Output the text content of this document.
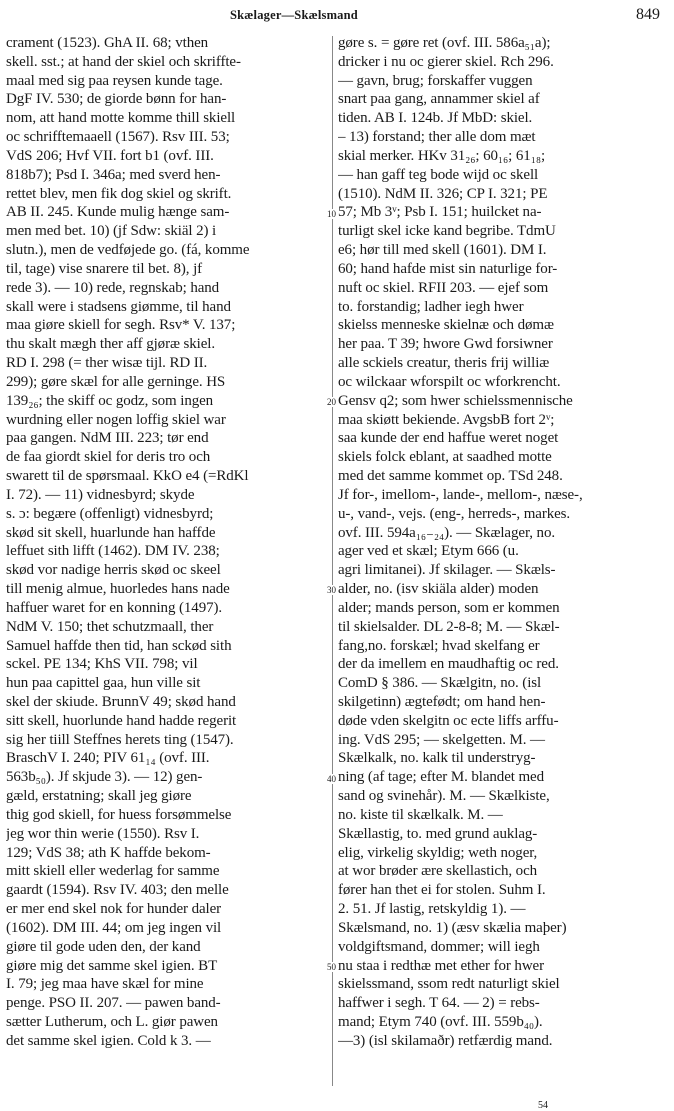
Skælager—Skælsmand	849
crament (1523). GhA II. 68; vthen
skell. sst.; at hand der skiel och skriffte-
maal med sig paa reysen kunde tage.
DgF IV. 530; de giorde bønn for han-
nom, att hand motte komme thill skiell
oc schrifftemaaell (1567). Rsv III. 53;
VdS 206; Hvf VII. fort b1 (ovf. III.
818b7); Psd I. 346a; med sverd hen-
rettet blev, men fik dog skiel og skrift.
AB II. 245. Kunde mulig hænge sam-
men med bet. 10) (jf Sdw: skiäl 2) i
slutn.), men de vedføjede go. (fá, komme
til, tage) vise snarere til bet. 8), jf
rede 3). — 10) rede, regnskab; hand
skall were i stadsens giømme, til hand
maa giøre skiell for segh. Rsv* V. 137;
thu skalt mægh ther aff gjøræ skiel.
RD I. 298 (= ther wisæ tijl. RD II.
299); gøre skæl for alle gerninge. HS
139₂₆; the skiff oc godz, som ingen
wurdning eller nogen loffig skiel war
paa gangen. NdM III. 223; tør end
de faa giordt skiel for deris tro och
swarett til de spørsmaal. KkO e4 (=RdKl
I. 72). — 11) vidnesbyrd; skyde
s. ɔ: begære (offenligt) vidnesbyrd;
skød sit skell, huarlunde han haffde
leffuet sith lifft (1462). DM IV. 238;
skød vor nadige herris skød oc skeel
till menig almue, huorledes hans nade
haffuer waret for en konning (1497).
NdM V. 150; thet schutzmaall, ther
Samuel haffde then tid, han sckød sith
sckel. PE 134; KhS VII. 798; vil
hun paa capittel gaa, hun ville sit
skel der skiude. BrunnV 49; skød hand
sitt skell, huorlunde hand hadde regerit
sig her tiill Steffnes herets ting (1547).
BraschV I. 240; PIV 61₁₄ (ovf. III.
563b₅₀). Jf skjude 3). — 12) gen-
gæld, erstatning; skall jeg giøre
thig god skiell, for huess forsømmelse
jeg wor thin werie (1550). Rsv I.
129; VdS 38; ath K haffde bekom-
mitt skiell eller wederlag for samme
gaardt (1594). Rsv IV. 403; den melle
er mer end skel nok for hunder daler
(1602). DM III. 44; om jeg ingen vil
giøre til gode uden den, der kand
giøre mig det samme skel igien. BT
I. 79; jeg maa have skæl for mine
penge. PSO II. 207. — pawen band-
sætter Lutherum, och L. giør pawen
det samme skel igien. Cold k 3. —
gøre s. = gøre ret (ovf. III. 586a₅₁a);
dricker i nu oc gierer skiel. Rch 296.
— gavn, brug; forskaffer vuggen
snart paa gang, annammer skiel af
tiden. AB I. 124b. Jf MbD: skiel.
– 13) forstand; ther alle dom mæt
skial merker. HKv 31₂₆; 60₁₆; 61₁₈;
— han gaff teg bode wijd oc skell
(1510). NdM II. 326; CP I. 321; PE
57; Mb 3ᵛ; Psb I. 151; huilcket na-
turligt skel icke kand begribe. TdmU
e6; hør till med skell (1601). DM I.
60; hand hafde mist sin naturlige for-
nuft oc skiel. RFII 203. — ejef som
to. forstandig; ladher iegh hwer
skielss menneske skielnæ och dømæ
her paa. T 39; hwore Gwd forsiwner
alle sckiels creatur, theris frij williæ
oc wilckaar wforspilt oc wforkrencht.
Gensv q2; som hwer schielssmennische
maa skiøtt bekiende. AvgsbB fort 2ᵛ;
saa kunde der end haffue weret noget
skiels folck eblant, at saadhed motte
med det samme kommet op. TSd 248.
Jf for-, imellom-, lande-, mellom-, næse-,
u-, vand-, vejs. (eng-, herreds-, markes.
ovf. III. 594a₁₆₋₂₄). — Skælager, no.
ager ved et skæl; Etym 666 (u.
agri limitanei). Jf skilager. — Skæls-
alder, no. (isv skiäla alder) moden
alder; mands person, som er kommen
til skielsalder. DL 2-8-8; M. — Skæl-
fang,no. forskæl; hvad skelfang er
der da imellem en maudhaftig oc red.
ComD § 386. — Skælgitn, no. (isl
skilgetinn) ægtefødt; om hand hen-
døde vden skelgitn oc ecte liffs arffu-
ing. VdS 295; — skelgetten. M. —
Skælkalk, no. kalk til understryg-
ning (af tage; efter M. blandet med
sand og svinehår). M. — Skælkiste,
no. kiste til skælkalk. M. —
Skællastig, to. med grund auklag-
elig, virkelig skyldig; weth noger,
at wor brøder ære skellastich, och
fører han thet ei for stolen. Suhm I.
2. 51. Jf lastig, retskyldig 1). —
Skælsmand, no. 1) (æsv skælia maþer)
voldgiftsmand, dommer; will iegh
nu staa i redthæ met ether for hwer
skielssmand, ssom redt naturligt skiel
haffwer i segh. T 64. — 2) = rebs-
mand; Etym 740 (ovf. III. 559b₄₀).
—3) (isl skilamaðr) retfærdig mand.
10
20
30
40
50
54
